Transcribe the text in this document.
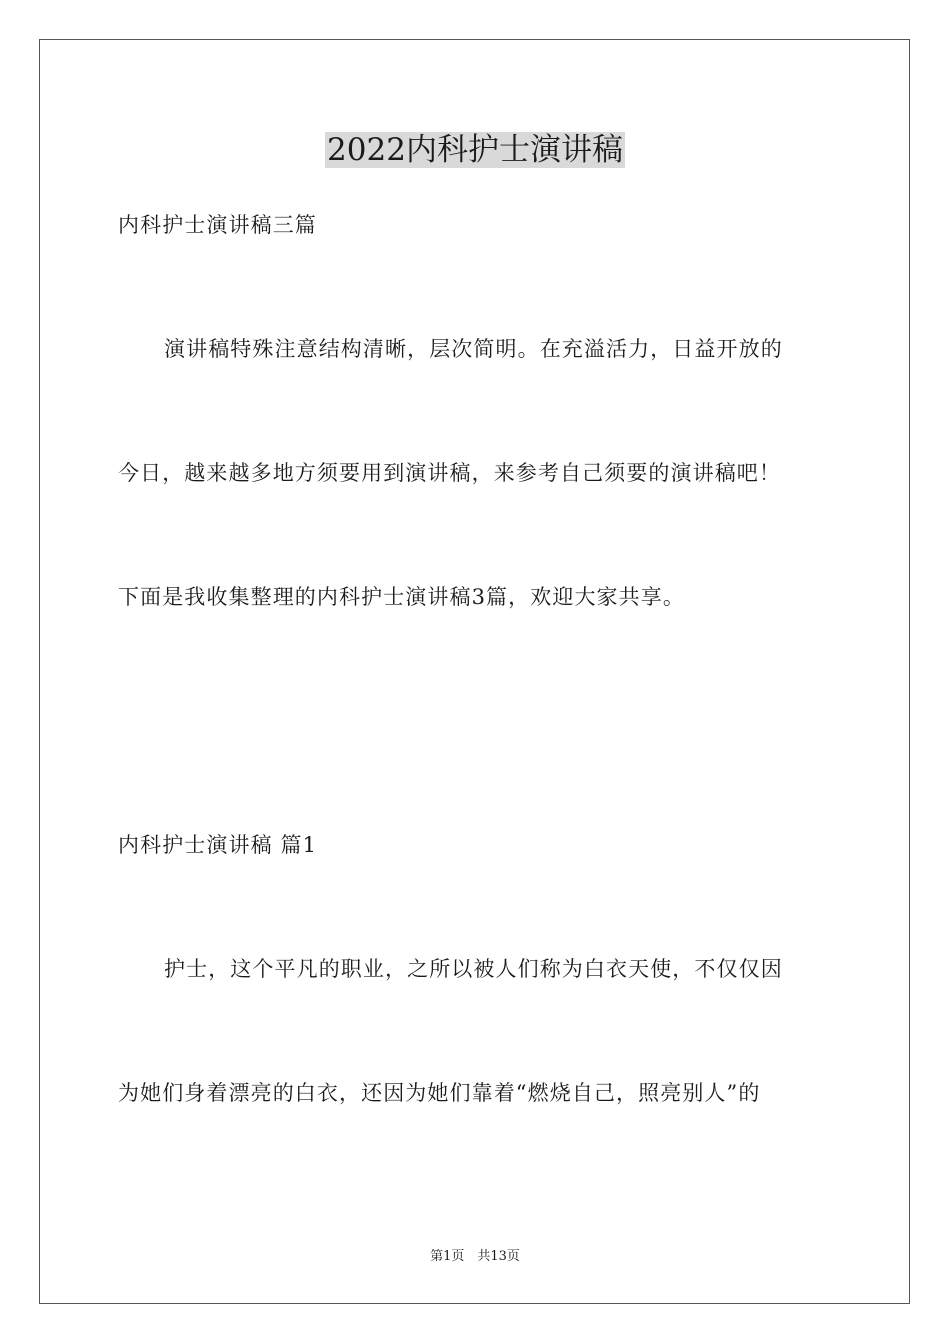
2022内科护士演讲稿

内科护士演讲稿三篇

演讲稿特殊注意结构清晰，层次简明。在充溢活力，日益开放的

今日，越来越多地方须要用到演讲稿，来参考自己须要的演讲稿吧！

下面是我收集整理的内科护士演讲稿3篇，欢迎大家共享。

内科护士演讲稿 篇1

护士，这个平凡的职业，之所以被人们称为白衣天使，不仅仅因

为她们身着漂亮的白衣，还因为她们靠着“燃烧自己，照亮别人”的

第1页　共13页
